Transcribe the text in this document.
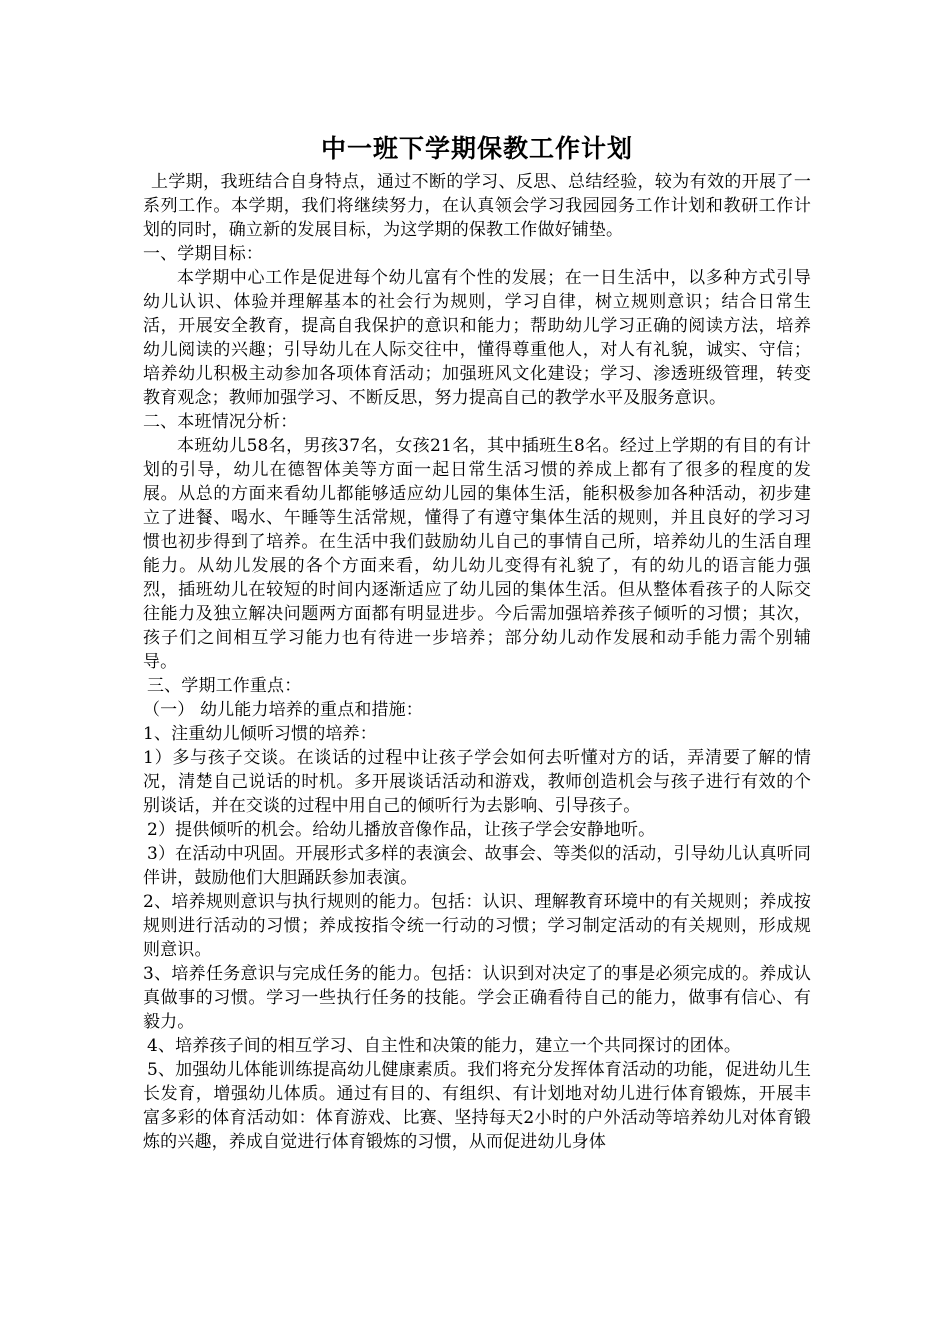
中一班下学期保教工作计划

上学期，我班结合自身特点，通过不断的学习、反思、总结经验，较为有效的开展了一系列工作。本学期，我们将继续努力，在认真领会学习我园园务工作计划和教研工作计划的同时，确立新的发展目标，为这学期的保教工作做好铺垫。

一、学期目标：

本学期中心工作是促进每个幼儿富有个性的发展；在一日生活中，以多种方式引导幼儿认识、体验并理解基本的社会行为规则，学习自律，树立规则意识；结合日常生活，开展安全教育，提高自我保护的意识和能力；帮助幼儿学习正确的阅读方法，培养幼儿阅读的兴趣；引导幼儿在人际交往中，懂得尊重他人，对人有礼貌，诚实、守信；培养幼儿积极主动参加各项体育活动；加强班风文化建设；学习、渗透班级管理，转变教育观念；教师加强学习、不断反思，努力提高自己的教学水平及服务意识。

二、本班情况分析：

本班幼儿58名，男孩37名，女孩21名，其中插班生8名。经过上学期的有目的有计划的引导，幼儿在德智体美等方面一起日常生活习惯的养成上都有了很多的程度的发展。从总的方面来看幼儿都能够适应幼儿园的集体生活，能积极参加各种活动，初步建立了进餐、喝水、午睡等生活常规，懂得了有遵守集体生活的规则，并且良好的学习习惯也初步得到了培养。在生活中我们鼓励幼儿自己的事情自己所，培养幼儿的生活自理能力。从幼儿发展的各个方面来看，幼儿幼儿变得有礼貌了，有的幼儿的语言能力强烈，插班幼儿在较短的时间内逐渐适应了幼儿园的集体生活。但从整体看孩子的人际交往能力及独立解决问题两方面都有明显进步。今后需加强培养孩子倾听的习惯；其次，孩子们之间相互学习能力也有待进一步培养；部分幼儿动作发展和动手能力需个别辅导。

三、学期工作重点：

（一） 幼儿能力培养的重点和措施：

1、注重幼儿倾听习惯的培养：

1）多与孩子交谈。在谈话的过程中让孩子学会如何去听懂对方的话，弄清要了解的情况，清楚自己说话的时机。多开展谈话活动和游戏，教师创造机会与孩子进行有效的个别谈话，并在交谈的过程中用自己的倾听行为去影响、引导孩子。

2）提供倾听的机会。给幼儿播放音像作品，让孩子学会安静地听。

3）在活动中巩固。开展形式多样的表演会、故事会、等类似的活动，引导幼儿认真听同伴讲，鼓励他们大胆踊跃参加表演。

2、培养规则意识与执行规则的能力。包括：认识、理解教育环境中的有关规则；养成按规则进行活动的习惯；养成按指令统一行动的习惯；学习制定活动的有关规则，形成规则意识。

3、培养任务意识与完成任务的能力。包括：认识到对决定了的事是必须完成的。养成认真做事的习惯。学习一些执行任务的技能。学会正确看待自己的能力，做事有信心、有毅力。

4、培养孩子间的相互学习、自主性和决策的能力，建立一个共同探讨的团体。

5、加强幼儿体能训练提高幼儿健康素质。我们将充分发挥体育活动的功能，促进幼儿生长发育，增强幼儿体质。通过有目的、有组织、有计划地对幼儿进行体育锻炼，开展丰富多彩的体育活动如：体育游戏、比赛、坚持每天2小时的户外活动等培养幼儿对体育锻炼的兴趣，养成自觉进行体育锻炼的习惯，从而促进幼儿身体
